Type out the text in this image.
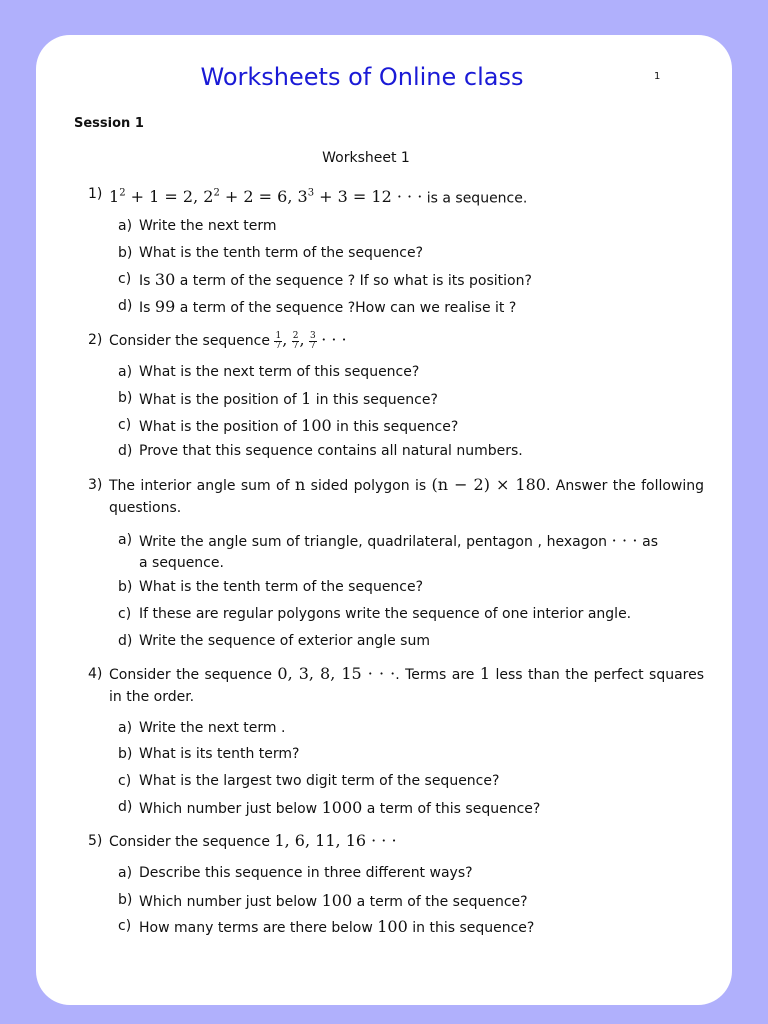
Worksheets of Online class	1
Session 1
Worksheet 1
1) $1^2 + 1 = 2$, $2^2 + 2 = 6$, $3^3 + 3 = 12$ · · · is a sequence.
a) Write the next term
b) What is the tenth term of the sequence?
c) Is 30 a term of the sequence ? If so what is its position?
d) Is 99 a term of the sequence ?How can we realise it ?
2) Consider the sequence $\frac{1}{7}$ , $\frac{2}{7}$ , $\frac{3}{7}$ · · ·
a) What is the next term of this sequence?
b) What is the position of 1 in this sequence?
c) What is the position of 100 in this sequence?
d) Prove that this sequence contains all natural numbers.
3) The interior angle sum of n sided polygon is (n − 2) × 180. Answer the following questions.
a) Write the angle sum of triangle, quadrilateral, pentagon , hexagon · · · as a sequence.
b) What is the tenth term of the sequence?
c) If these are regular polygons write the sequence of one interior angle.
d) Write the sequence of exterior angle sum
4) Consider the sequence 0, 3, 8, 15 · · ·. Terms are 1 less than the perfect squares in the order.
a) Write the next term .
b) What is its tenth term?
c) What is the largest two digit term of the sequence?
d) Which number just below 1000 a term of this sequence?
5) Consider the sequence 1, 6, 11, 16 · · ·
a) Describe this sequence in three different ways?
b) Which number just below 100 a term of the sequence?
c) How many terms are there below 100 in this sequence?
